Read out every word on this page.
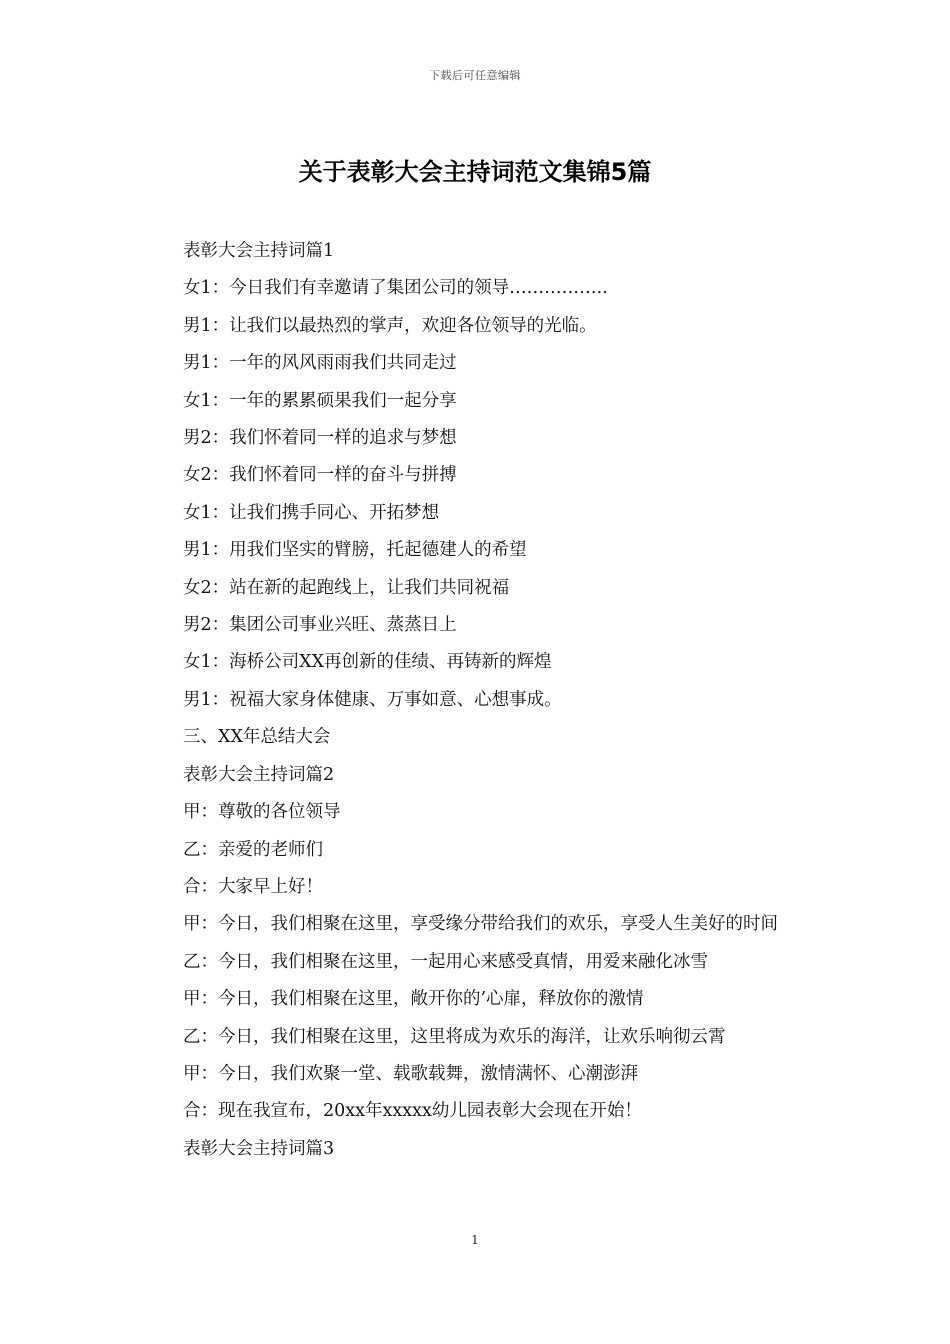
下载后可任意编辑
关于表彰大会主持词范文集锦5篇

表彰大会主持词篇1

女1：今日我们有幸邀请了集团公司的领导……………..

男1：让我们以最热烈的掌声，欢迎各位领导的光临。

男1：一年的风风雨雨我们共同走过

女1：一年的累累硕果我们一起分享

男2：我们怀着同一样的追求与梦想

女2：我们怀着同一样的奋斗与拼搏

女1：让我们携手同心、开拓梦想

男1：用我们坚实的臂膀，托起德建人的希望

女2：站在新的起跑线上，让我们共同祝福

男2：集团公司事业兴旺、蒸蒸日上

女1：海桥公司XX再创新的佳绩、再铸新的辉煌

男1：祝福大家身体健康、万事如意、心想事成。

三、XX年总结大会

表彰大会主持词篇2

甲：尊敬的各位领导

乙：亲爱的老师们

合：大家早上好！

甲：今日，我们相聚在这里，享受缘分带给我们的欢乐，享受人生美好的时间

乙：今日，我们相聚在这里，一起用心来感受真情，用爱来融化冰雪

甲：今日，我们相聚在这里，敞开你的’心扉，释放你的激情

乙：今日，我们相聚在这里，这里将成为欢乐的海洋，让欢乐响彻云霄

甲：今日，我们欢聚一堂、载歌载舞，激情满怀、心潮澎湃

合：现在我宣布，20xx年xxxxx幼儿园表彰大会现在开始！

表彰大会主持词篇3

1
